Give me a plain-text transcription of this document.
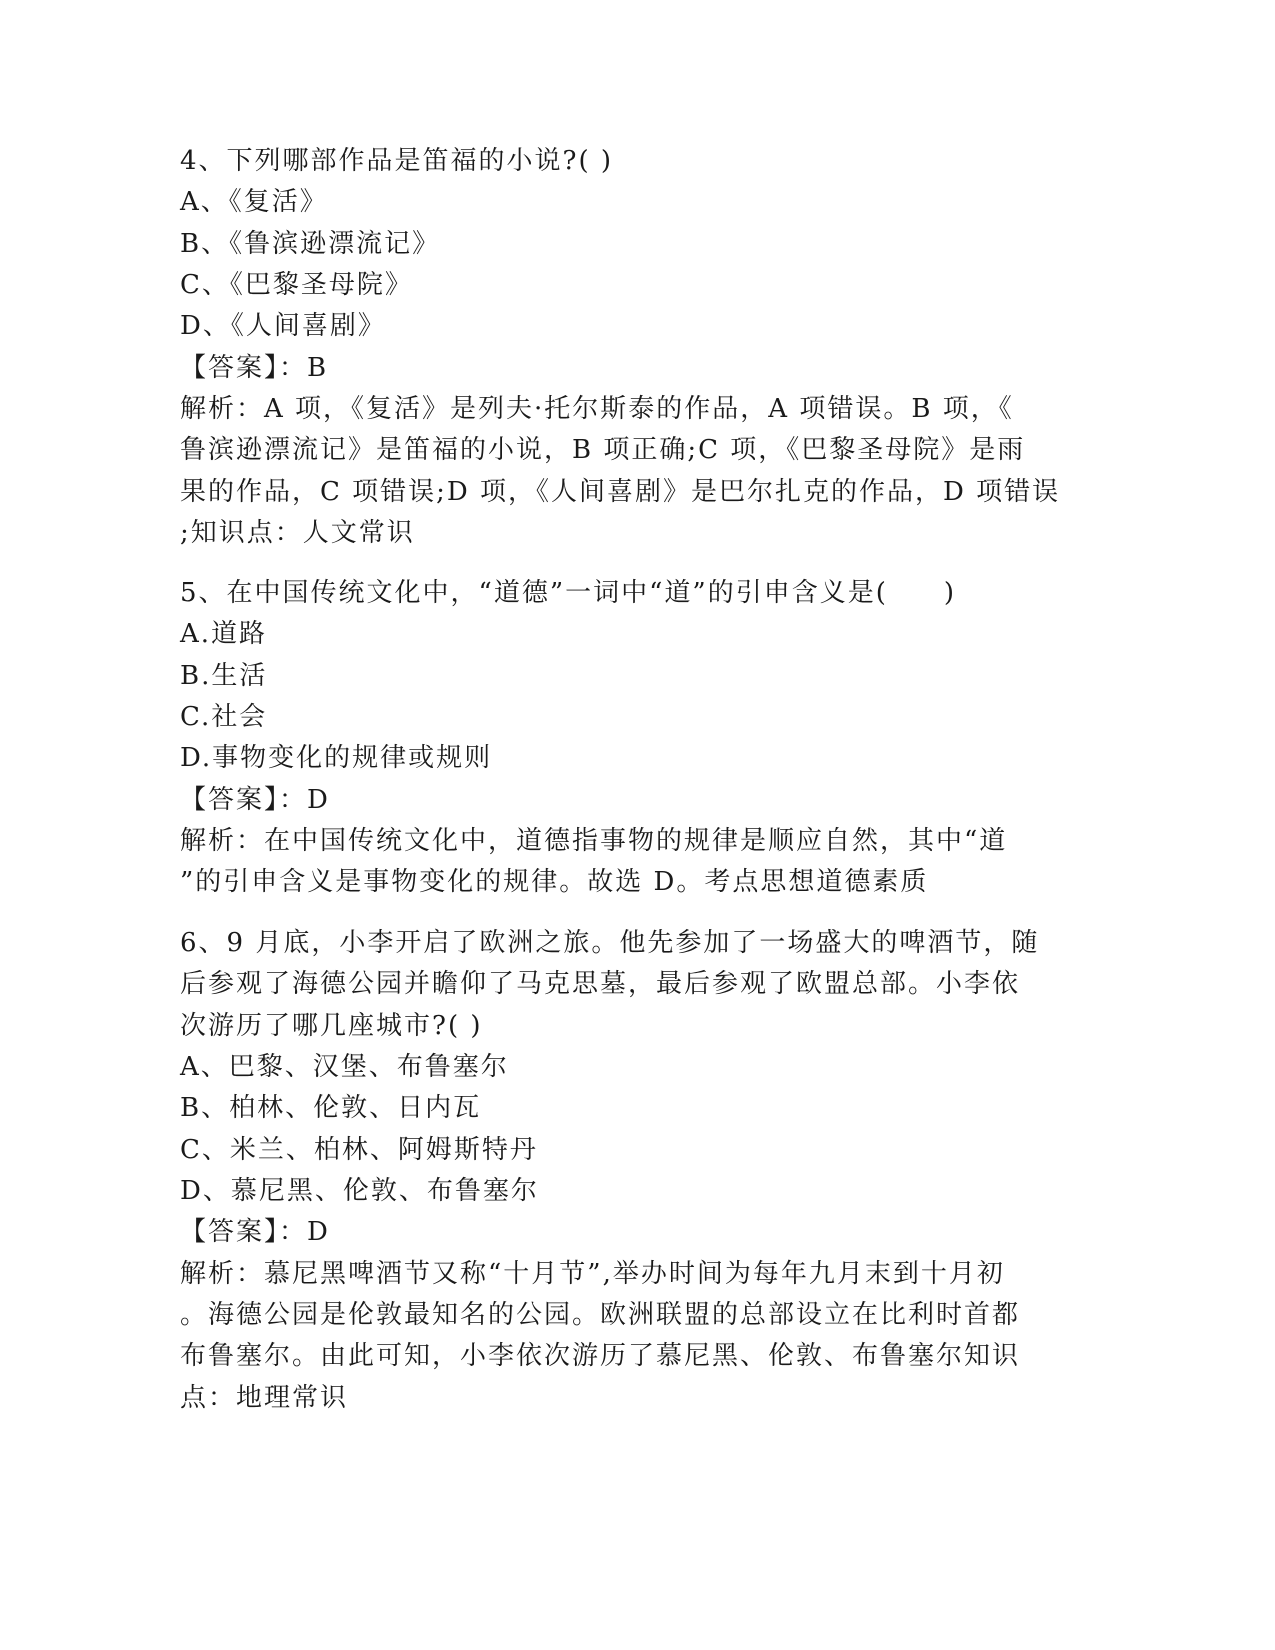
4、下列哪部作品是笛福的小说?( )
A、《复活》
B、《鲁滨逊漂流记》
C、《巴黎圣母院》
D、《人间喜剧》
【答案】：B
解析：A 项，《复活》是列夫·托尔斯泰的作品，A 项错误。B 项，《
鲁滨逊漂流记》是笛福的小说，B 项正确;C 项，《巴黎圣母院》是雨
果的作品，C 项错误;D 项，《人间喜剧》是巴尔扎克的作品，D 项错误
;知识点：人文常识
5、在中国传统文化中，“道德”一词中“道”的引申含义是(　　)
A.道路
B.生活
C.社会
D.事物变化的规律或规则
【答案】：D
解析：在中国传统文化中，道德指事物的规律是顺应自然，其中“道
”的引申含义是事物变化的规律。故选 D。考点思想道德素质
6、9 月底，小李开启了欧洲之旅。他先参加了一场盛大的啤酒节，随
后参观了海德公园并瞻仰了马克思墓，最后参观了欧盟总部。小李依
次游历了哪几座城市?( )
A、巴黎、汉堡、布鲁塞尔
B、柏林、伦敦、日内瓦
C、米兰、柏林、阿姆斯特丹
D、慕尼黑、伦敦、布鲁塞尔
【答案】：D
解析：慕尼黑啤酒节又称“十月节”,举办时间为每年九月末到十月初
。海德公园是伦敦最知名的公园。欧洲联盟的总部设立在比利时首都
布鲁塞尔。由此可知，小李依次游历了慕尼黑、伦敦、布鲁塞尔知识
点：地理常识
